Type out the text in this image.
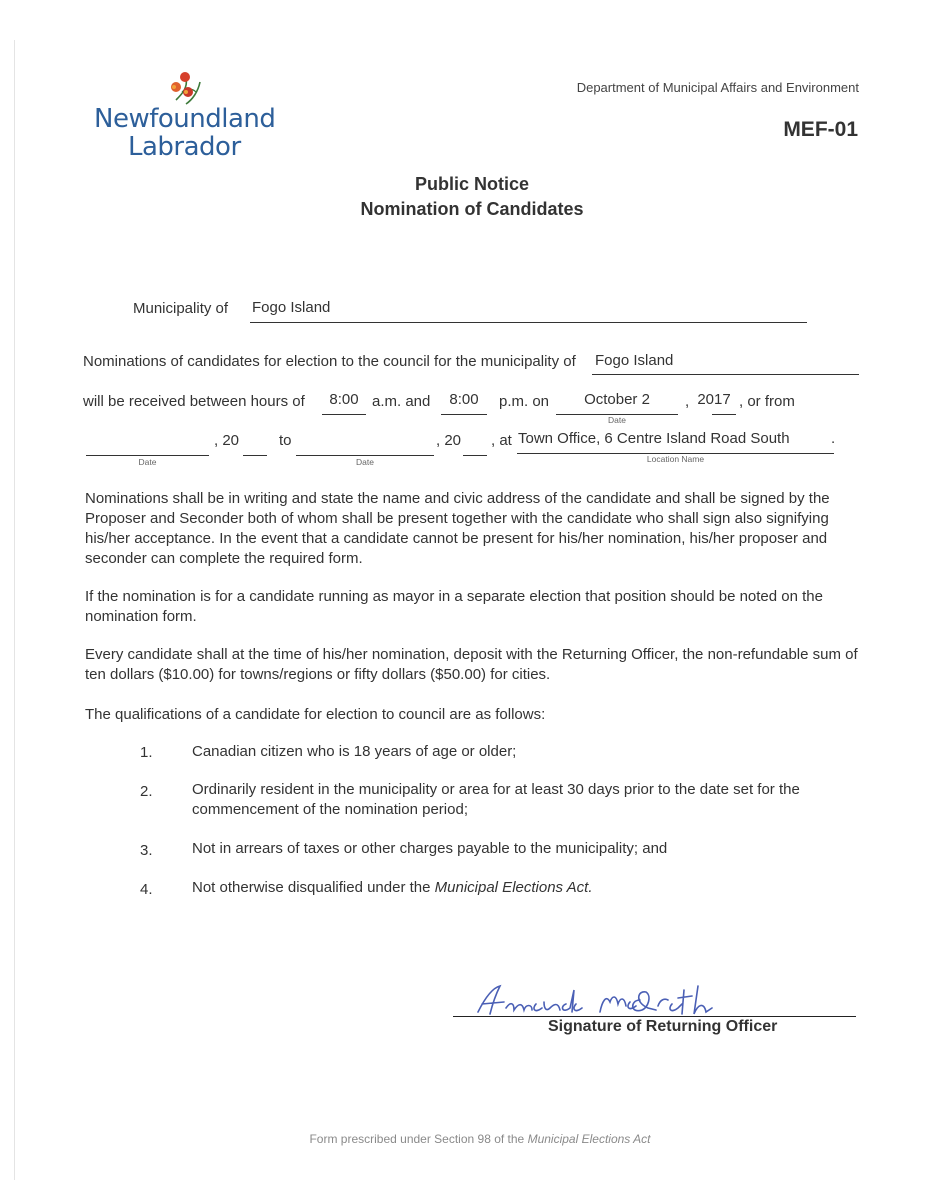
Newfoundland
Labrador
Department of Municipal Affairs and Environment
MEF-01
Public Notice
Nomination of Candidates
Municipality of Fogo Island
Nominations of candidates for election to the council for the municipality of Fogo Island
will be received between hours of	8:00 a.m. and	8:00	p.m. on	October 2
Date
, 2017 , or from
Date
, 20	to
Date
, 20 , at Town Office, 6 Centre Island Road South
Location Name
.
Nominations shall be in writing and state the name and civic address of the candidate and shall be signed by the Proposer and Seconder both of whom shall be present together with the candidate who shall sign also signifying his/her acceptance. In the event that a candidate cannot be present for his/her nomination, his/her proposer and seconder can complete the required form.
If the nomination is for a candidate running as mayor in a separate election that position should be noted on the nomination form.
Every candidate shall at the time of his/her nomination, deposit with the Returning Officer, the non-refundable sum of ten dollars ($10.00) for towns/regions or fifty dollars ($50.00) for cities.
The qualifications of a candidate for election to council are as follows:
1.	Canadian citizen who is 18 years of age or older;
2.	Ordinarily resident in the municipality or area for at least 30 days prior to the date set for the commencement of the nomination period;
3.	Not in arrears of taxes or other charges payable to the municipality; and
4.	Not otherwise disqualified under the Municipal Elections Act.
Signature of Returning Officer
Form prescribed under Section 98 of the Municipal Elections Act
